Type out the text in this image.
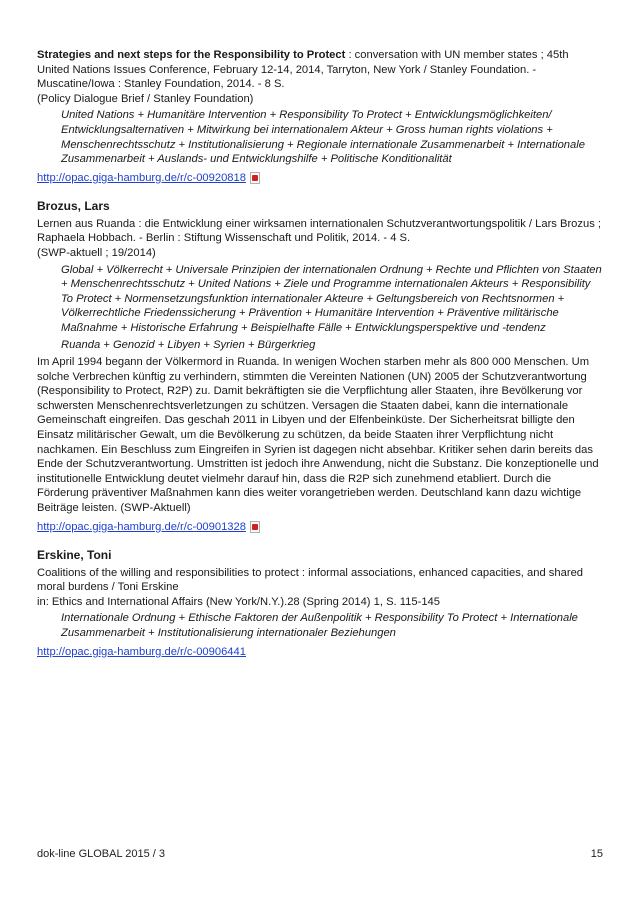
Strategies and next steps for the Responsibility to Protect : conversation with UN member states ; 45th United Nations Issues Conference, February 12-14, 2014, Tarryton, New York / Stanley Foundation. - Muscatine/Iowa : Stanley Foundation, 2014. - 8 S.

(Policy Dialogue Brief / Stanley Foundation)

United Nations + Humanitäre Intervention + Responsibility To Protect + Entwicklungsmöglichkeiten/ Entwicklungsalternativen + Mitwirkung bei internationalem Akteur + Gross human rights violations + Menschenrechtsschutz + Institutionalisierung + Regionale internationale Zusammenarbeit + Internationale Zusammenarbeit + Auslands- und Entwicklungshilfe + Politische Konditionalität

http://opac.giga-hamburg.de/r/c-00920818

Brozus, Lars

Lernen aus Ruanda : die Entwicklung einer wirksamen internationalen Schutzverantwortungspolitik / Lars Brozus ; Raphaela Hobbach. - Berlin : Stiftung Wissenschaft und Politik, 2014. - 4 S.

(SWP-aktuell ; 19/2014)

Global + Völkerrecht + Universale Prinzipien der internationalen Ordnung + Rechte und Pflichten von Staaten + Menschenrechtsschutz + United Nations + Ziele und Programme internationalen Akteurs + Responsibility To Protect + Normensetzungsfunktion internationaler Akteure + Geltungsbereich von Rechtsnormen + Völkerrechtliche Friedenssicherung + Prävention + Humanitäre Intervention + Präventive militärische Maßnahme + Historische Erfahrung + Beispielhafte Fälle + Entwicklungsperspektive und -tendenz

Ruanda + Genozid + Libyen + Syrien + Bürgerkrieg

Im April 1994 begann der Völkermord in Ruanda. In wenigen Wochen starben mehr als 800 000 Menschen. Um solche Verbrechen künftig zu verhindern, stimmten die Vereinten Nationen (UN) 2005 der Schutzverantwortung (Responsibility to Protect, R2P) zu. Damit bekräftigten sie die Verpflichtung aller Staaten, ihre Bevölkerung vor schwersten Menschenrechtsverletzungen zu schützen. Versagen die Staaten dabei, kann die internationale Gemeinschaft eingreifen. Das geschah 2011 in Libyen und der Elfenbeinküste. Der Sicherheitsrat billigte den Einsatz militärischer Gewalt, um die Bevölkerung zu schützen, da beide Staaten ihrer Verpflichtung nicht nachkamen. Ein Beschluss zum Eingreifen in Syrien ist dagegen nicht absehbar. Kritiker sehen darin bereits das Ende der Schutzverantwortung. Umstritten ist jedoch ihre Anwendung, nicht die Substanz. Die konzeptionelle und institutionelle Entwicklung deutet vielmehr darauf hin, dass die R2P sich zunehmend etabliert. Durch die Förderung präventiver Maßnahmen kann dies weiter vorangetrieben werden. Deutschland kann dazu wichtige Beiträge leisten. (SWP-Aktuell)

http://opac.giga-hamburg.de/r/c-00901328

Erskine, Toni

Coalitions of the willing and responsibilities to protect : informal associations, enhanced capacities, and shared moral burdens / Toni Erskine

in: Ethics and International Affairs (New York/N.Y.).28 (Spring 2014) 1, S. 115-145

Internationale Ordnung + Ethische Faktoren der Außenpolitik + Responsibility To Protect + Internationale Zusammenarbeit + Institutionalisierung internationaler Beziehungen

http://opac.giga-hamburg.de/r/c-00906441
dok-line GLOBAL 2015 / 3	15
